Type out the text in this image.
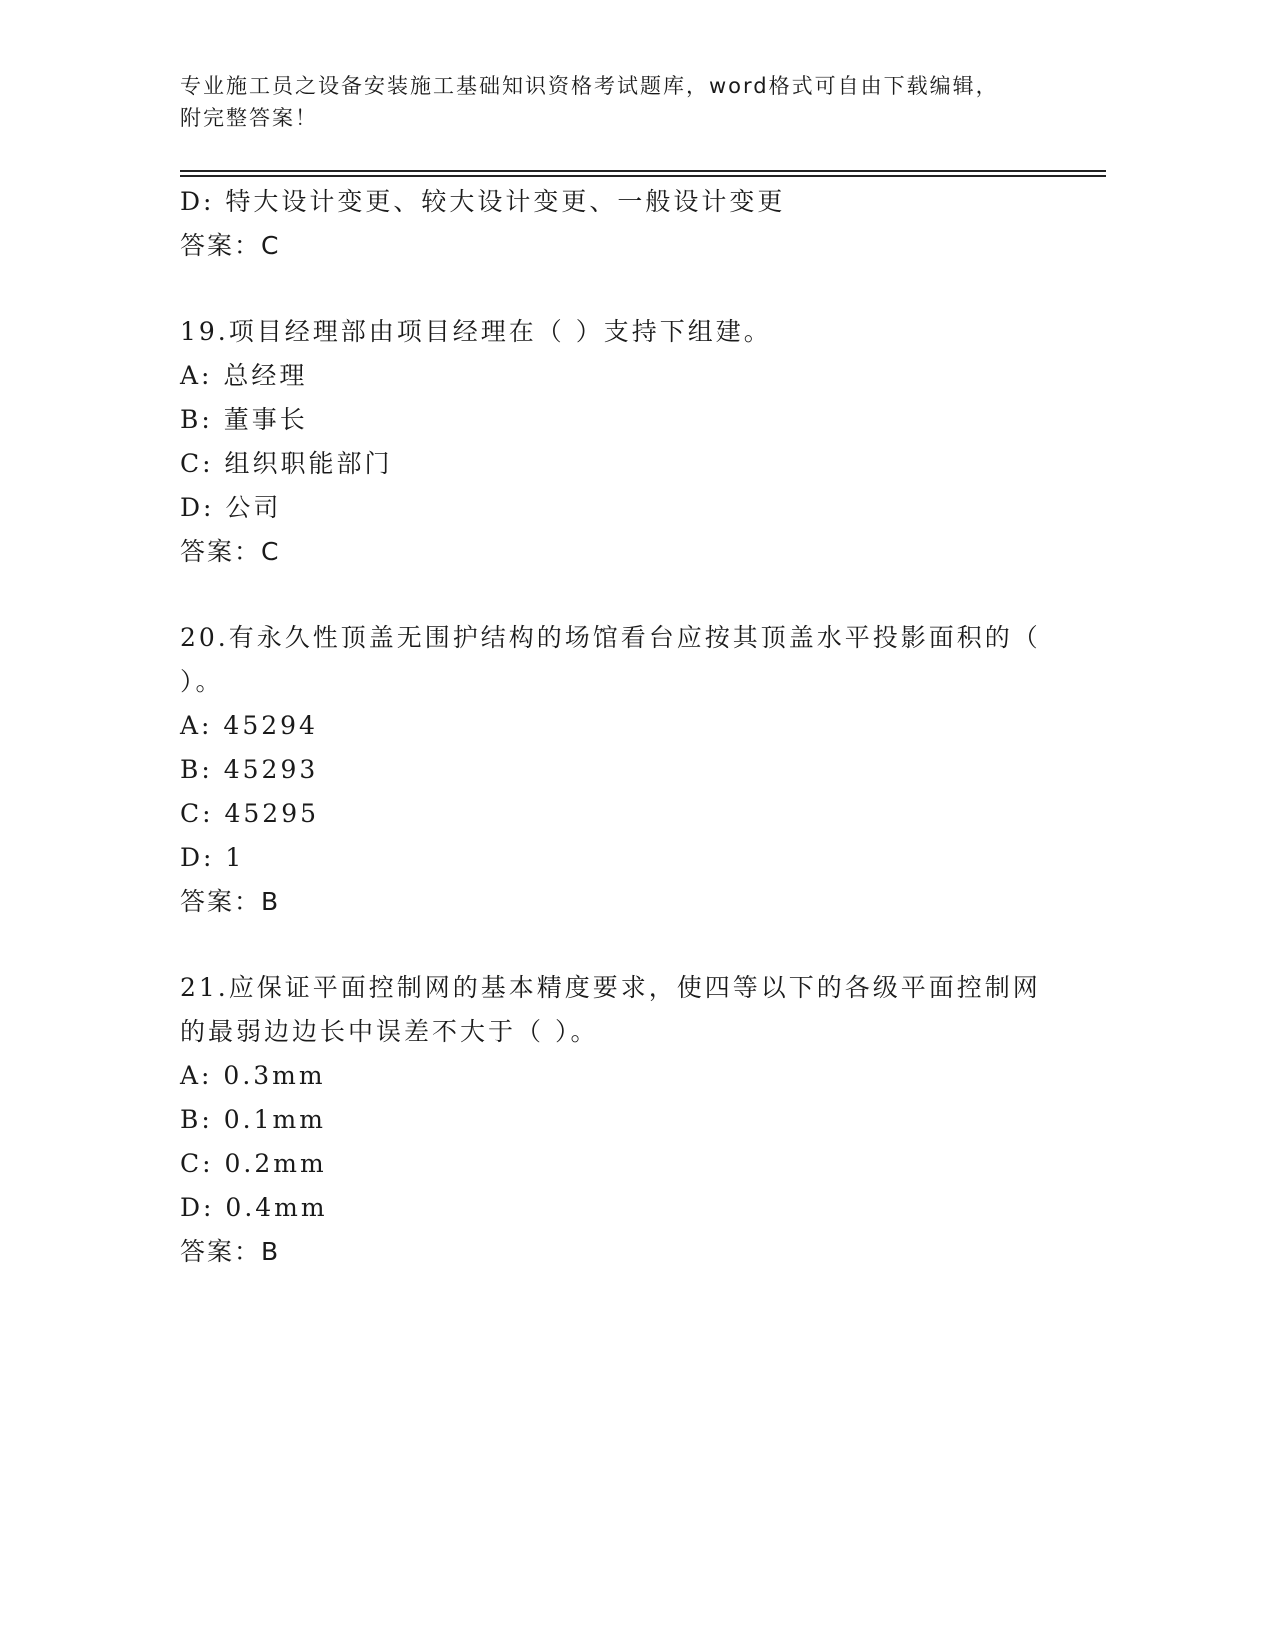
专业施工员之设备安装施工基础知识资格考试题库，word格式可自由下载编辑，
附完整答案！
D: 特大设计变更、较大设计变更、一般设计变更
答案：C
19.项目经理部由项目经理在（ ）支持下组建。
A: 总经理
B: 董事长
C: 组织职能部门
D: 公司
答案：C
20.有永久性顶盖无围护结构的场馆看台应按其顶盖水平投影面积的（
）。
A: 45294
B: 45293
C: 45295
D: 1
答案：B
21.应保证平面控制网的基本精度要求，使四等以下的各级平面控制网
的最弱边边长中误差不大于（ ）。
A: 0.3mm
B: 0.1mm
C: 0.2mm
D: 0.4mm
答案：B
